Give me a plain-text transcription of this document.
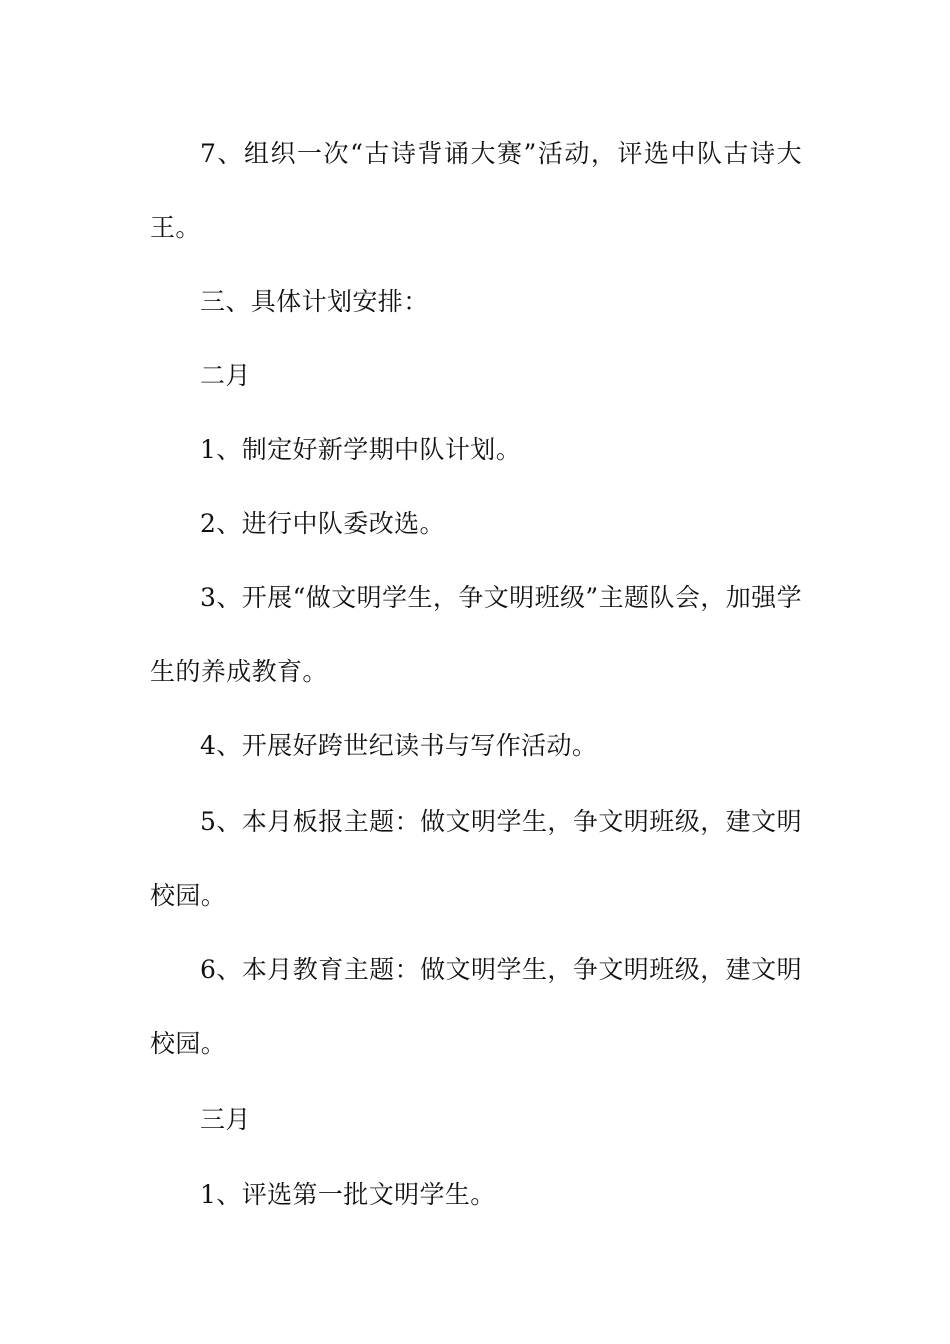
7、组织一次“古诗背诵大赛”活动，评选中队古诗大王。

三、具体计划安排：

二月

1、制定好新学期中队计划。

2、进行中队委改选。

3、开展“做文明学生，争文明班级”主题队会，加强学生的养成教育。

4、开展好跨世纪读书与写作活动。

5、本月板报主题：做文明学生，争文明班级，建文明校园。

6、本月教育主题：做文明学生，争文明班级，建文明校园。

三月

1、评选第一批文明学生。
